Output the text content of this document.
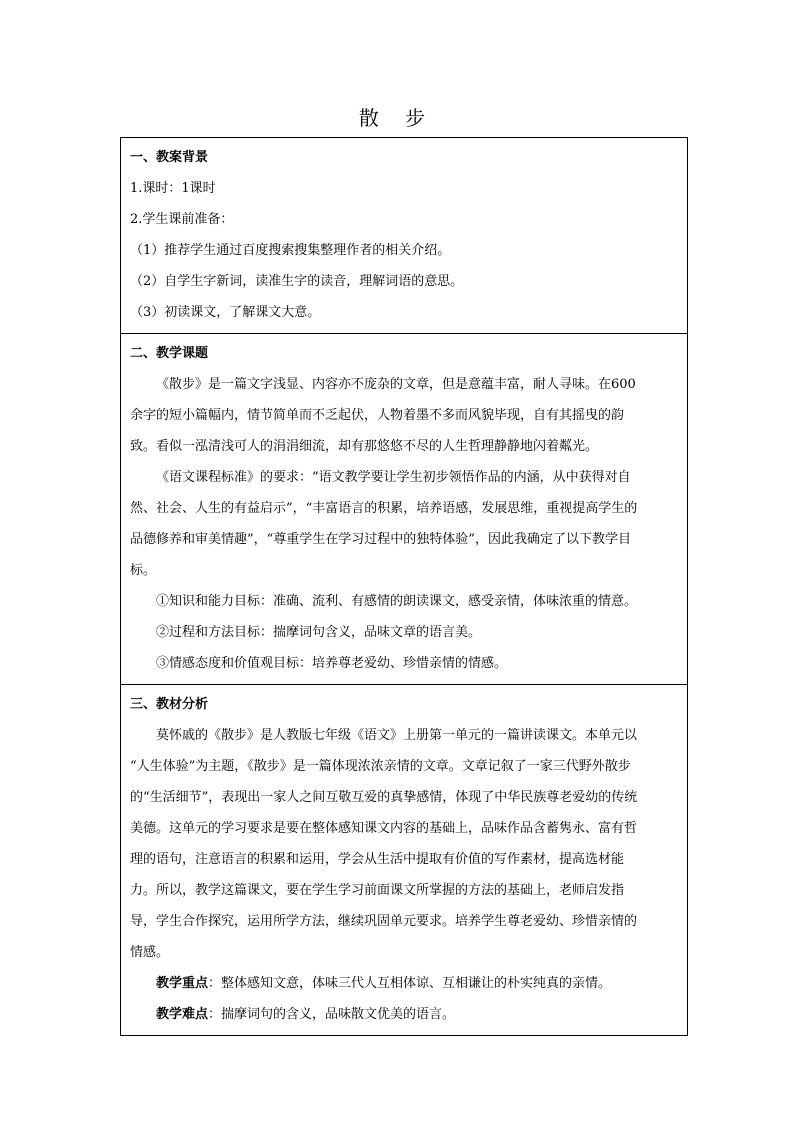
散 步
一、教案背景
1.课时：1课时
2.学生课前准备：
（1）推荐学生通过百度搜索搜集整理作者的相关介绍。
（2）自学生字新词，读准生字的读音，理解词语的意思。
（3）初读课文，了解课文大意。

二、教学课题
《散步》是一篇文字浅显、内容亦不庞杂的文章，但是意蕴丰富，耐人寻味。在600
余字的短小篇幅内，情节简单而不乏起伏，人物着墨不多而风貌毕现，自有其摇曳的韵
致。看似一泓清浅可人的涓涓细流，却有那悠悠不尽的人生哲理静静地闪着粼光。
《语文课程标准》的要求：“语文教学要让学生初步领悟作品的内涵，从中获得对自
然、社会、人生的有益启示”，“丰富语言的积累，培养语感，发展思维，重视提高学生的
品德修养和审美情趣”，“尊重学生在学习过程中的独特体验”，因此我确定了以下教学目
标。
①知识和能力目标：准确、流利、有感情的朗读课文，感受亲情，体味浓重的情意。
②过程和方法目标：揣摩词句含义，品味文章的语言美。
③情感态度和价值观目标：培养尊老爱幼、珍惜亲情的情感。

三、教材分析
莫怀戚的《散步》是人教版七年级《语文》上册第一单元的一篇讲读课文。本单元以
“人生体验”为主题，《散步》是一篇体现浓浓亲情的文章。文章记叙了一家三代野外散步
的“生活细节”，表现出一家人之间互敬互爱的真挚感情，体现了中华民族尊老爱幼的传统
美德。这单元的学习要求是要在整体感知课文内容的基础上，品味作品含蓄隽永、富有哲
理的语句，注意语言的积累和运用，学会从生活中提取有价值的写作素材，提高选材能
力。所以，教学这篇课文，要在学生学习前面课文所掌握的方法的基础上，老师启发指
导，学生合作探究，运用所学方法，继续巩固单元要求。培养学生尊老爱幼、珍惜亲情的
情感。
教学重点：整体感知文意，体味三代人互相体谅、互相谦让的朴实纯真的亲情。
教学难点：揣摩词句的含义，品味散文优美的语言。
